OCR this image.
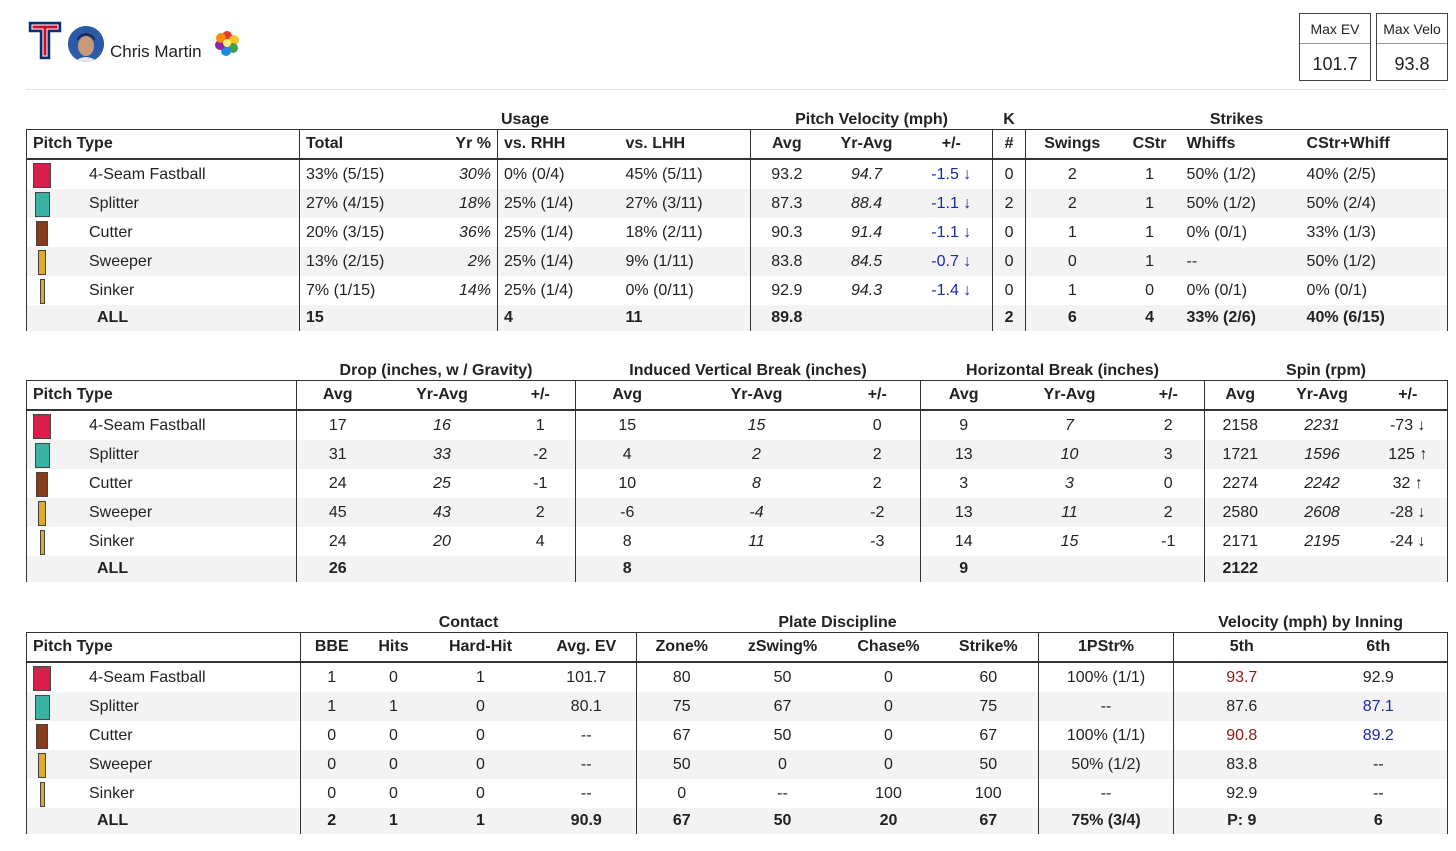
Chris Martin
Max EV
101.7
Max Velo
93.8
	Usage				Pitch Velocity (mph)			K	Strikes			
Pitch Type	Total	Yr %	vs. RHH	vs. LHH	Avg	Yr-Avg	+/-	#	Swings	CStr	Whiffs	CStr+Whiff

4-Seam Fastball	33% (5/15)	30%	0% (0/4)	45% (5/11)	93.2	94.7	-1.5 ↓	0	2	1	50% (1/2)	40% (2/5)

Splitter	27% (4/15)	18%	25% (1/4)	27% (3/11)	87.3	88.4	-1.1 ↓	2	2	1	50% (1/2)	50% (2/4)

Cutter	20% (3/15)	36%	25% (1/4)	18% (2/11)	90.3	91.4	-1.1 ↓	0	1	1	0% (0/1)	33% (1/3)

Sweeper	13% (2/15)	2%	25% (1/4)	9% (1/11)	83.8	84.5	-0.7 ↓	0	0	1	--	50% (1/2)

Sinker	7% (1/15)	14%	25% (1/4)	0% (0/11)	92.9	94.3	-1.4 ↓	0	1	0	0% (0/1)	0% (0/1)
ALL	15		4	11	89.8			2	6	4	33% (2/6)	40% (6/15)
	Drop (inches, w / Gravity)			Induced Vertical Break (inches)			Horizontal Break (inches)			Spin (rpm)		
Pitch Type	Avg	Yr-Avg	+/-	Avg	Yr-Avg	+/-	Avg	Yr-Avg	+/-	Avg	Yr-Avg	+/-

4-Seam Fastball	17	16	1	15	15	0	9	7	2	2158	2231	-73 ↓

Splitter	31	33	-2	4	2	2	13	10	3	1721	1596	125 ↑

Cutter	24	25	-1	10	8	2	3	3	0	2274	2242	32 ↑

Sweeper	45	43	2	-6	-4	-2	13	11	2	2580	2608	-28 ↓

Sinker	24	20	4	8	11	-3	14	15	-1	2171	2195	-24 ↓
ALL	26			8			9			2122		
	Contact				Plate Discipline					Velocity (mph) by Inning	
Pitch Type	BBE	Hits	Hard-Hit	Avg. EV	Zone%	zSwing%	Chase%	Strike%	1PStr%	5th	6th

4-Seam Fastball	1	0	1	101.7	80	50	0	60	100% (1/1)	93.7	92.9

Splitter	1	1	0	80.1	75	67	0	75	--	87.6	87.1

Cutter	0	0	0	--	67	50	0	67	100% (1/1)	90.8	89.2

Sweeper	0	0	0	--	50	0	0	50	50% (1/2)	83.8	--

Sinker	0	0	0	--	0	--	100	100	--	92.9	--
ALL	2	1	1	90.9	67	50	20	67	75% (3/4)	P: 9	6
